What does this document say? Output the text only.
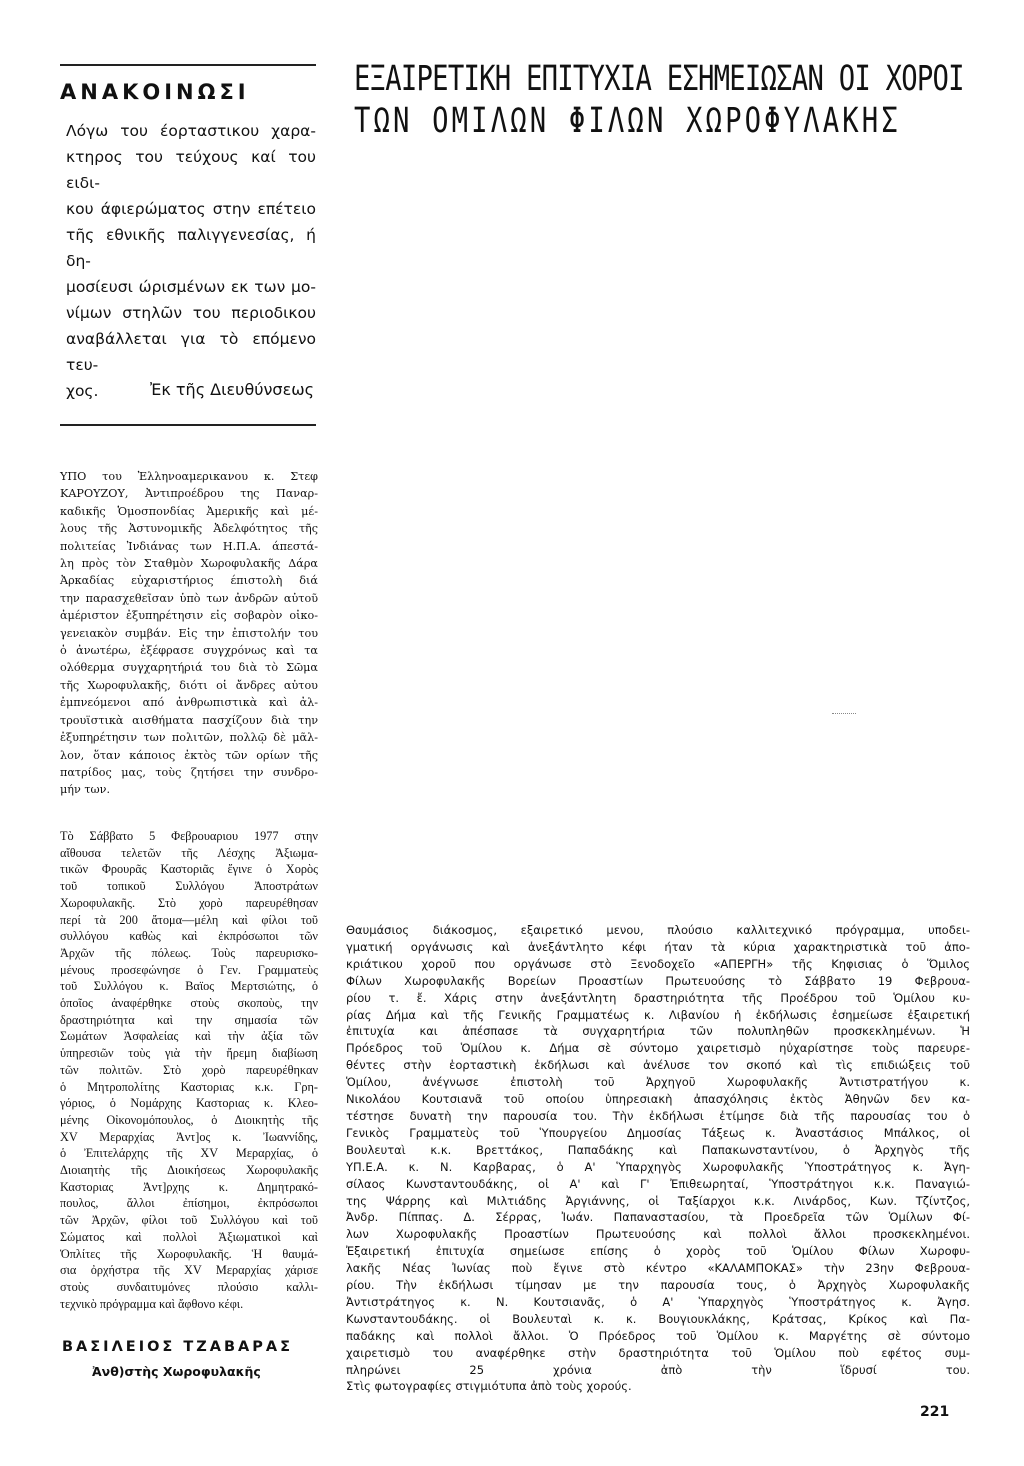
ΑΝΑΚΟΙΝΩΣΙ
Λόγω του έορταστικου χαρα-
κτηρος του τεύχους καί του ειδι-
κου άφιερώματος στην επέτειο
τῆς εθνικῆς παλιγγενεσίας, ή δη-
μοσίευσι ώρισμένων εκ των μο-
νίμων στηλῶν του περιοδικου
αναβάλλεται για τὸ επόμενο τευ-
χος.	Ἐκ τῆς Διευθύνσεως
ΕΞΑΙΡΕΤΙΚΗ ΕΠΙΤΥΧΙΑ ΕΣΗΜΕΙΩΣΑΝ ΟΙ ΧΟΡΟΙ
ΤΩΝ ΟΜΙΛΩΝ ΦΙΛΩΝ ΧΩΡΟΦΥΛΑΚΗΣ
ΥΠΟ του Ἑλληνοαμερικανου κ. Στεφ
ΚΑΡΟΥΖΟΥ, Ἀντιπροέδρου της Παναρ-
καδικῆς Ὁμοσπονδίας Ἀμερικῆς καὶ μέ-
λους τῆς Ἀστυνομικῆς Ἀδελφότητος τῆς
πολιτείας Ἰνδιάνας των Η.Π.Α. άπεστά-
λη πρὸς τὸν Σταθμὸν Χωροφυλακῆς Δάρα
Ἀρκαδίας εὐχαριστήριος έπιστολὴ διά
την παρασχεθεῖσαν ὑπὸ των ἀνδρῶν αὐτοῦ
ἀμέριστον ἐξυπηρέτησιν εἰς σοβαρὸν οἰκο-
γενειακὸν συμβάν. Εἰς την ἐπιστολήν του
ὁ ἀνωτέρω, ἐξέφρασε συγχρόνως καὶ τα
ολόθερμα συγχαρητήριά του διὰ τὸ Σῶμα
τῆς Χωροφυλακῆς, διότι οἱ ἄνδρες αὐτου
ἐμπνεόμενοι από ἀνθρωπιστικὰ καὶ ἀλ-
τρουϊστικὰ αισθήματα πασχίζουν διὰ την
ἐξυπηρέτησιν των πολιτῶν, πολλῷ δὲ μᾶλ-
λον, ὅταν κάποιος ἐκτὸς τῶν ορίων τῆς
πατρίδος μας, τοὺς ζητήσει την συνδρο-
μήν των.
Τὸ Σάββατο 5 Φεβρουαριου 1977 στην
αἴθουσα τελετῶν τῆς Λέσχης Ἀξιωμα-
τικῶν Φρουρᾶς Καστοριᾶς ἔγινε ὁ Χορὸς
τοῦ τοπικοῦ Συλλόγου Ἀποστράτων
Χωροφυλακῆς. Στὸ χορὸ παρευρέθησαν
περί τὰ 200 ἄτομα—μέλη καὶ φίλοι τοῦ
συλλόγου καθὼς καὶ ἐκπρόσωποι τῶν
Ἀρχῶν τῆς πόλεως. Τοὺς παρευρισκο-
μένους προσεφώνησε ὁ Γεν. Γραμματεὺς
τοῦ Συλλόγου κ. Βαϊος Μερτσιώτης, ὁ
ὁποῖος ἀναφέρθηκε στοὺς σκοποὺς, την
δραστηριότητα καὶ την σημασία τῶν
Σωμάτων Ἀσφαλείας καὶ τὴν ἀξία τῶν
ὑπηρεσιῶν τοὺς γιὰ τὴν ἤρεμη διαβίωση
τῶν πολιτῶν. Στὸ χορὸ παρευρέθηκαν
ὁ Μητροπολίτης Καστοριας κ.κ. Γρη-
γόριος, ὁ Νομάρχης Καστοριας κ. Κλεο-
μένης Οἰκονομόπουλος, ὁ Διοικητὴς τῆς
XV Μεραρχίας Ἀντ]ος κ. Ἰωαννίδης,
ὁ Ἐπιτελάρχης τῆς XV Μεραρχίας, ὁ
Διοιαητὴς τῆς Διοικήσεως Χωροφυλακῆς
Καστοριας Ἀντ]ρχης κ. Δημητρακό-
πουλος, ἄλλοι ἐπίσημοι, ἐκπρόσωποι
τῶν Ἀρχῶν, φίλοι τοῦ Συλλόγου καὶ τοῦ
Σώματος καὶ πολλοὶ Ἀξιωματικοὶ καὶ
Ὁπλίτες τῆς Χωροφυλακῆς. Ἡ θαυμά-
σια ὀρχήστρα τῆς XV Μεραρχίας χάρισε
στοὺς συνδαιτυμόνες πλούσιο καλλι-
τεχνικὸ πρόγραμμα καὶ ἄφθονο κέφι.
ΒΑΣΙΛΕΙΟΣ ΤΖΑΒΑΡΑΣ
Ἀνθ)στὴς Χωροφυλακῆς
Θαυμάσιος διάκοσμος, εξαιρετικό μενου, πλούσιο καλλιτεχνικό πρόγραμμα, υποδει-
γματική οργάνωσις καὶ ἀνεξάντλητο κέφι ήταν τὰ κύρια χαρακτηριστικὰ τοῦ ἀπο-
κριάτικου χοροῦ που οργάνωσε στὸ Ξενοδοχεῖο «ΑΠΕΡΓΗ» τῆς Κηφισιας ὁ Ὅμιλος
Φίλων Χωροφυλακῆς Βορείων Προαστίων Πρωτευούσης τὸ Σάββατο 19 Φεβρουα-
ρίου τ. ἔ. Χάρις στην ἀνεξάντλητη δραστηριότητα τῆς Προέδρου τοῦ Ὁμίλου κυ-
ρίας Δήμα καὶ τῆς Γενικῆς Γραμματέως κ. Λιβανίου ἡ ἐκδήλωσις ἐσημείωσε ἐξαιρετική
ἐπιτυχία και ἀπέσπασε τὰ συγχαρητήρια τῶν πολυπληθῶν προσκεκλημένων. Ἡ
Πρόεδρος τοῦ Ὁμίλου κ. Δήμα σὲ σύντομο χαιρετισμὸ ηὐχαρίστησε τοὺς παρευρε-
θέντες στὴν ἑορταστικὴ ἐκδήλωσι καὶ ἀνέλυσε τον σκοπό καὶ τὶς επιδιώξεις τοῦ
Ὁμίλου, ἀνέγνωσε ἐπιστολὴ τοῦ Ἀρχηγοῦ Χωροφυλακῆς Ἀντιστρατήγου κ.
Νικολάου Κουτσιανᾶ τοῦ οποίου ὑπηρεσιακὴ ἀπασχόλησις ἐκτὸς Ἀθηνῶν δεν κα-
τέστησε δυνατὴ την παρουσία του. Τὴν ἐκδήλωσι ἐτίμησε διὰ τῆς παρουσίας του ὁ
Γενικὸς Γραμματεὺς τοῦ Ὑπουργείου Δημοσίας Τάξεως κ. Ἀναστάσιος Μπάλκος, οἱ
Βουλευταὶ κ.κ. Βρεττάκος, Παπαδάκης καὶ Παπακωνσταντίνου, ὁ Ἀρχηγὸς τῆς
ΥΠ.Ε.Α. κ. Ν. Καρβαρας, ὁ Α' Ὑπαρχηγὸς Χωροφυλακῆς Ὑποστράτηγος κ. Ἀγη-
σίλαος Κωνσταντουδάκης, οἱ Α' καὶ Γ' Ἐπιθεωρηταί, Ὑποστράτηγοι κ.κ. Παναγιώ-
της Ψάρρης καὶ Μιλτιάδης Ἀργιάννης, οἱ Ταξίαρχοι κ.κ. Λινάρδος, Κων. Τζίντζος,
Ἀνδρ. Πίππας. Δ. Σέρρας, Ἰωάν. Παπαναστασίου, τὰ Προεδρεῖα τῶν Ὁμίλων Φί-
λων Χωροφυλακῆς Προαστίων Πρωτευούσης καὶ πολλοὶ ἄλλοι προσκεκλημένοι.
Ἐξαιρετική ἐπιτυχία σημείωσε επίσης ὁ χορὸς τοῦ Ὁμίλου Φίλων Χωροφυ-
λακῆς Νέας Ἰωνίας ποὺ ἔγινε στὸ κέντρο «ΚΑΛΑΜΠΟΚΑΣ» τὴν 23ην Φεβρουα-
ρίου. Τὴν ἐκδήλωσι τίμησαν με την παρουσία τους, ὁ Ἀρχηγὸς Χωροφυλακῆς
Ἀντιστράτηγος κ. Ν. Κουτσιανᾶς, ὁ Α' Ὑπαρχηγὸς Ὑποστράτηγος κ. Ἀγησ.
Κωνσταντουδάκης. οἱ Βουλευταὶ κ. κ. Βουγιουκλάκης, Κράτσας, Κρίκος καὶ Πα-
παδάκης καὶ πολλοὶ ἄλλοι. Ὁ Πρόεδρος τοῦ Ὁμίλου κ. Μαργέτης σὲ σύντομο
χαιρετισμὸ του αναφέρθηκε στὴν δραστηριότητα τοῦ Ὁμίλου ποὺ εφέτος συμ-
πληρώνει 25 χρόνια ἀπὸ τὴν ἵδρυσί του.
Στὶς φωτογραφίες στιγμιότυπα ἀπὸ τοὺς χορούς.
221
